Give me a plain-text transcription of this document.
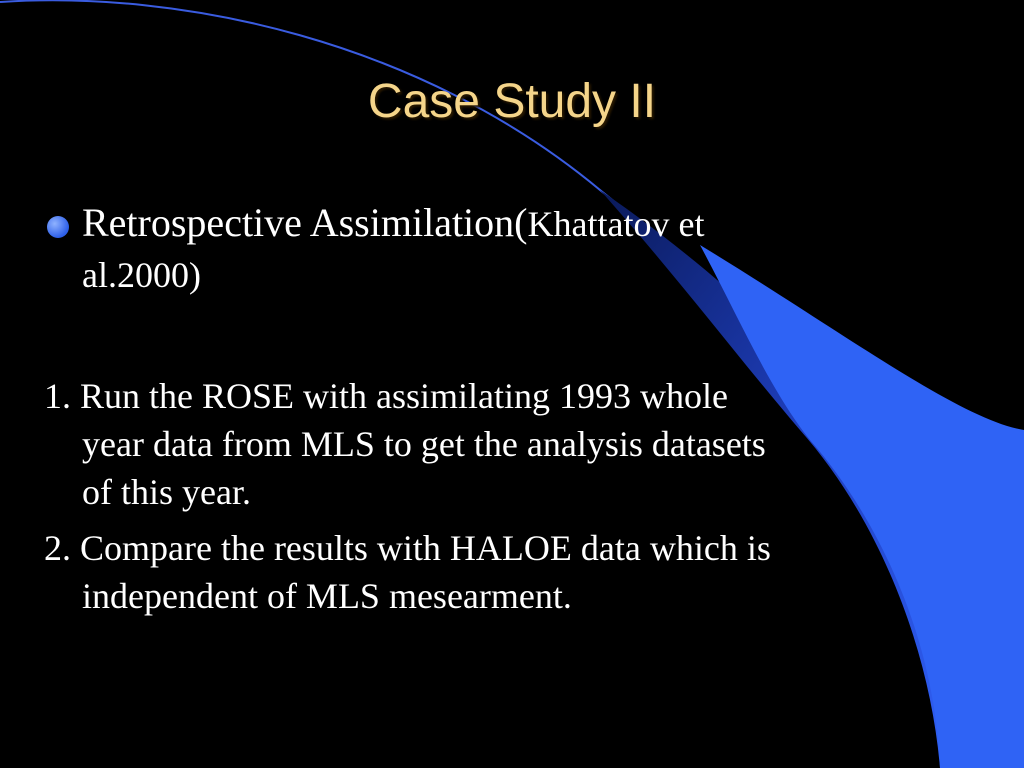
Case Study II
Retrospective Assimilation(Khattatov et
al.2000)
1. Run the ROSE with assimilating 1993 whole
year data from MLS to get the analysis datasets
of this year.
2. Compare the results with HALOE data which is
independent of MLS mesearment.
